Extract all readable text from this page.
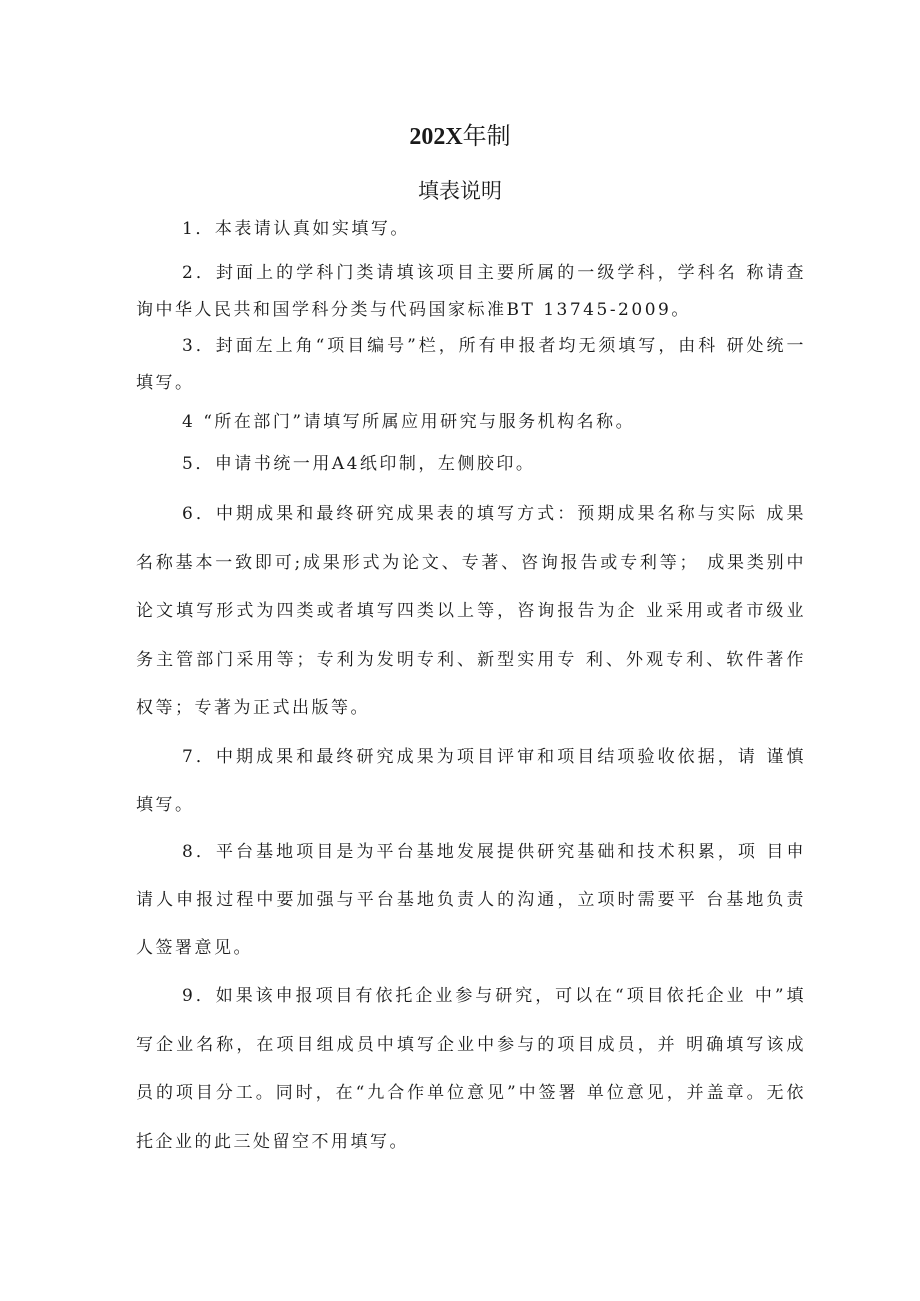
202X年制
填表说明

1．本表请认真如实填写。

2．封面上的学科门类请填该项目主要所属的一级学科，学科名 称请查询中华人民共和国学科分类与代码国家标准BT 13745-2009。

3．封面左上角“项目编号”栏，所有申报者均无须填写，由科 研处统一填写。

4 “所在部门”请填写所属应用研究与服务机构名称。

5．申请书统一用A4纸印制，左侧胶印。

6．中期成果和最终研究成果表的填写方式：预期成果名称与实际 成果名称基本一致即可;成果形式为论文、专著、咨询报告或专利等； 成果类别中论文填写形式为四类或者填写四类以上等，咨询报告为企 业采用或者市级业务主管部门采用等；专利为发明专利、新型实用专 利、外观专利、软件著作权等；专著为正式出版等。

7．中期成果和最终研究成果为项目评审和项目结项验收依据，请 谨慎填写。

8．平台基地项目是为平台基地发展提供研究基础和技术积累，项 目申请人申报过程中要加强与平台基地负责人的沟通，立项时需要平 台基地负责人签署意见。

9．如果该申报项目有依托企业参与研究，可以在“项目依托企业 中”填写企业名称，在项目组成员中填写企业中参与的项目成员，并 明确填写该成员的项目分工。同时，在“九合作单位意见”中签署 单位意见，并盖章。无依托企业的此三处留空不用填写。
